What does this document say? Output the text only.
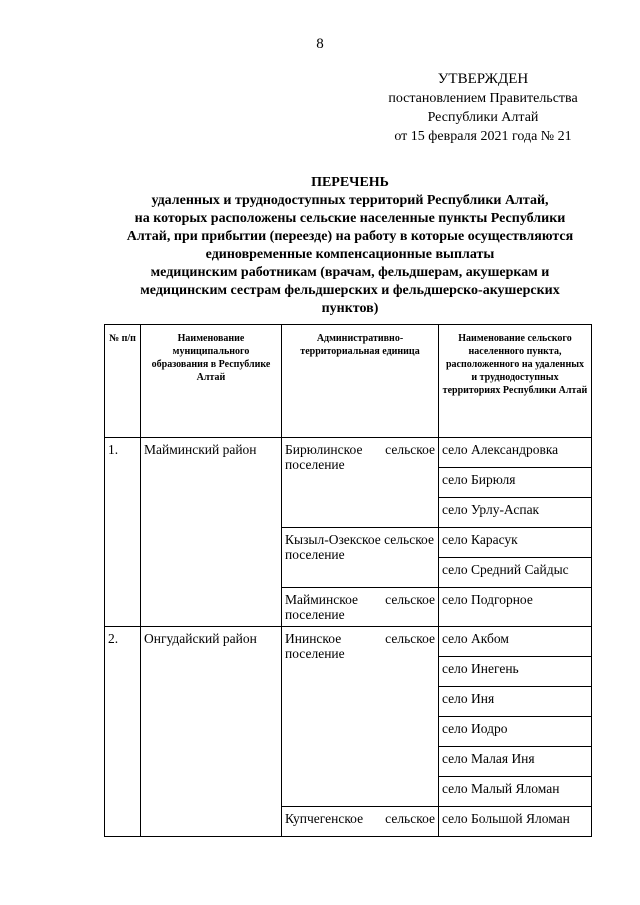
8
УТВЕРЖДЕН
постановлением Правительства
Республики Алтай
от 15 февраля 2021 года № 21
ПЕРЕЧЕНЬ
удаленных и труднодоступных территорий Республики Алтай,
на которых расположены сельские населенные пункты Республики
Алтай, при прибытии (переезде) на работу в которые осуществляются
единовременные компенсационные выплаты
медицинским работникам (врачам, фельдшерам, акушеркам и
медицинским сестрам фельдшерских и фельдшерско-акушерских
пунктов)
№ п/п	Наименование муниципального образования в Республике Алтай	Административно-территориальная единица	Наименование сельского населенного пункта, расположенного на удаленных и труднодоступных территориях Республики Алтай

1.	Майминский район	Бирюлинское сельское поселение	село Александровка

			село Бирюля

			село Урлу-Аспак

		Кызыл-Озекское сельское поселение	село Карасук

			село Средний Сайдыс

		Майминское сельское поселение	село Подгорное

2.	Онгудайский район	Ининское сельское поселение	село Акбом

			село Инегень

			село Иня

			село Иодро

			село Малая Иня

			село Малый Яломан

		Купчегенское сельское	село Большой Яломан
